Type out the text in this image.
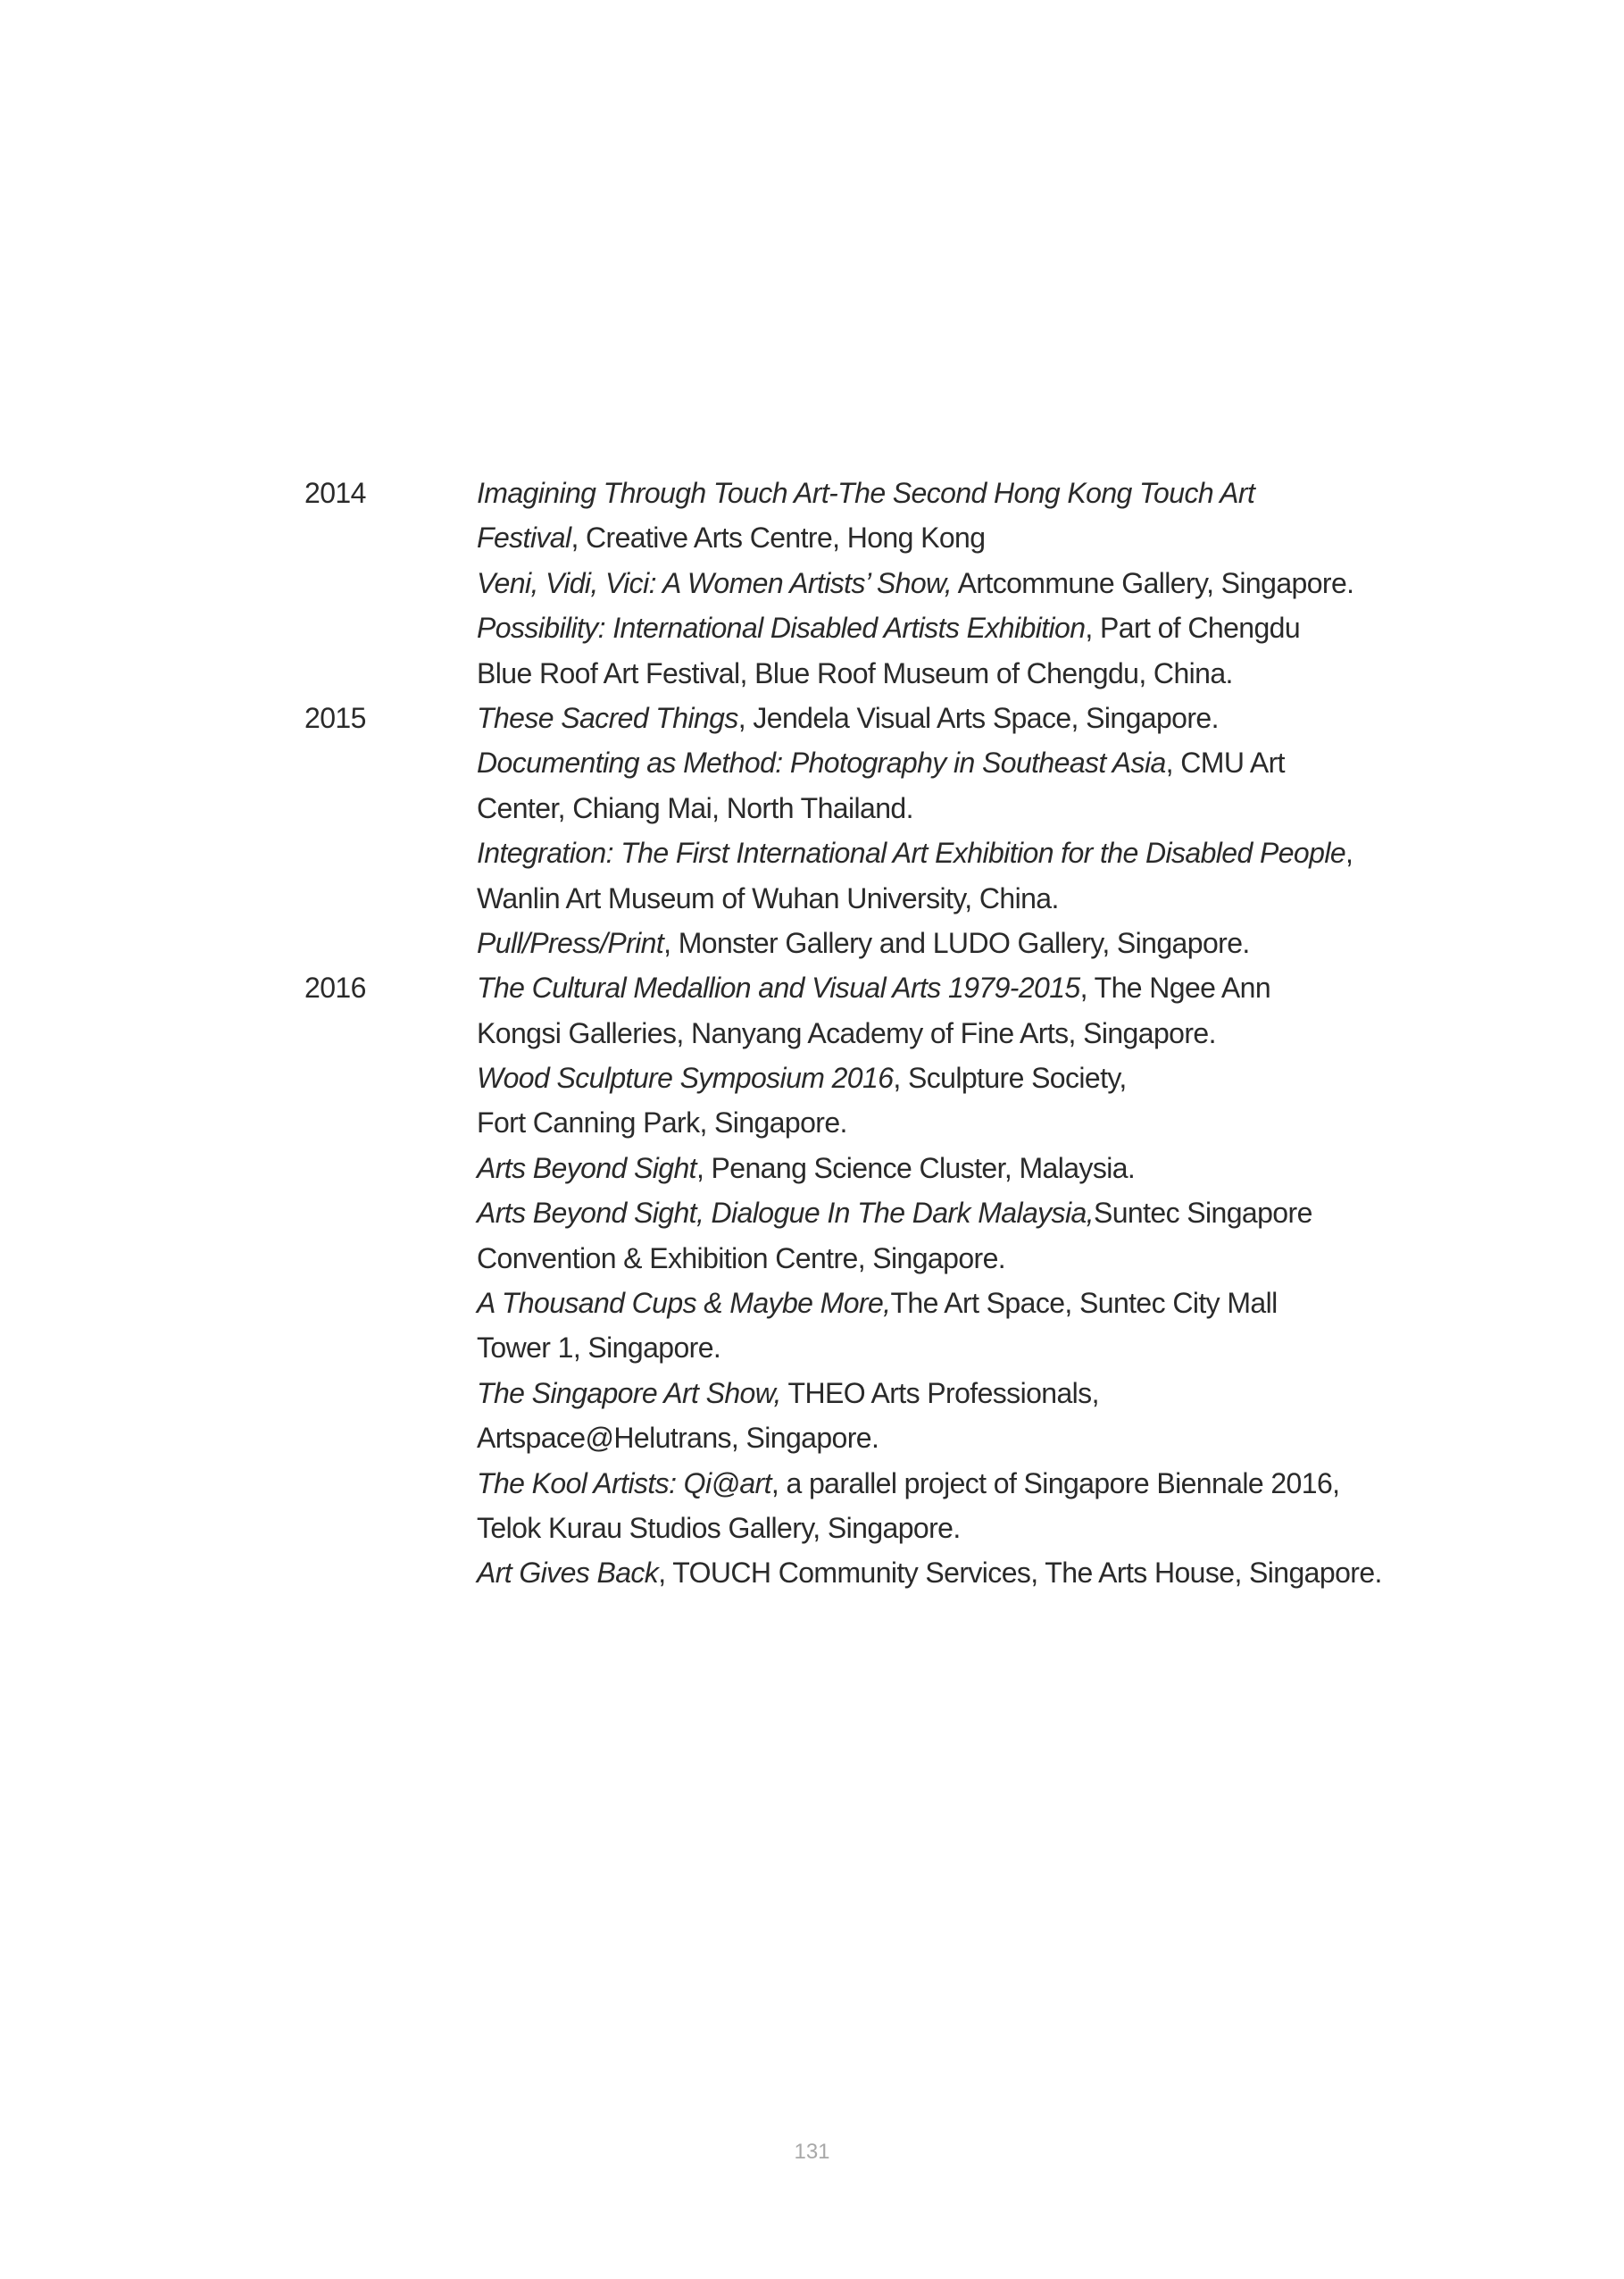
2014	Imagining Through Touch Art-The Second Hong Kong Touch Art
Festival, Creative Arts Centre, Hong Kong
Veni, Vidi, Vici: A Women Artists’ Show, Artcommune Gallery, Singapore.
Possibility: International Disabled Artists Exhibition, Part of Chengdu
Blue Roof Art Festival, Blue Roof Museum of Chengdu, China.
2015	These Sacred Things, Jendela Visual Arts Space, Singapore.
Documenting as Method: Photography in Southeast Asia, CMU Art
Center, Chiang Mai, North Thailand.
Integration: The First International Art Exhibition for the Disabled People,
Wanlin Art Museum of Wuhan University, China.
Pull/Press/Print, Monster Gallery and LUDO Gallery, Singapore.
2016	The Cultural Medallion and Visual Arts 1979-2015, The Ngee Ann
Kongsi Galleries, Nanyang Academy of Fine Arts, Singapore.
Wood Sculpture Symposium 2016, Sculpture Society,
Fort Canning Park, Singapore.
Arts Beyond Sight, Penang Science Cluster, Malaysia.
Arts Beyond Sight, Dialogue In The Dark Malaysia,Suntec Singapore
Convention & Exhibition Centre, Singapore.
A Thousand Cups & Maybe More,The Art Space, Suntec City Mall
Tower 1, Singapore.
The Singapore Art Show, THEO Arts Professionals,
Artspace@Helutrans, Singapore.
The Kool Artists: Qi@art, a parallel project of Singapore Biennale 2016,
Telok Kurau Studios Gallery, Singapore.
Art Gives Back, TOUCH Community Services, The Arts House, Singapore.
131
